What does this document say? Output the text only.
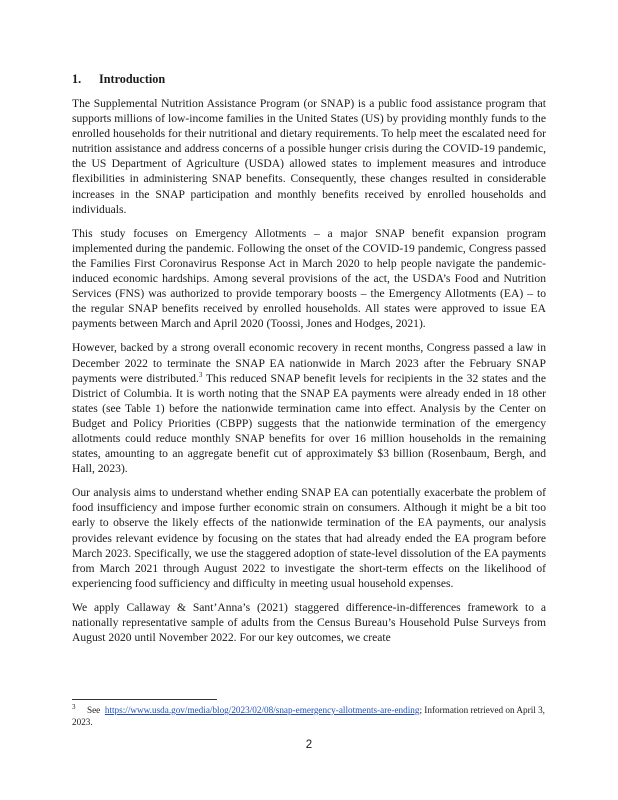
1. Introduction

The Supplemental Nutrition Assistance Program (or SNAP) is a public food assistance program that supports millions of low-income families in the United States (US) by providing monthly funds to the enrolled households for their nutritional and dietary requirements. To help meet the escalated need for nutrition assistance and address concerns of a possible hunger crisis during the COVID-19 pandemic, the US Department of Agriculture (USDA) allowed states to implement measures and introduce flexibilities in administering SNAP benefits. Consequently, these changes resulted in considerable increases in the SNAP participation and monthly benefits received by enrolled households and individuals.

This study focuses on Emergency Allotments – a major SNAP benefit expansion program implemented during the pandemic. Following the onset of the COVID-19 pandemic, Congress passed the Families First Coronavirus Response Act in March 2020 to help people navigate the pandemic-induced economic hardships. Among several provisions of the act, the USDA’s Food and Nutrition Services (FNS) was authorized to provide temporary boosts – the Emergency Allotments (EA) – to the regular SNAP benefits received by enrolled households. All states were approved to issue EA payments between March and April 2020 (Toossi, Jones and Hodges, 2021).

However, backed by a strong overall economic recovery in recent months, Congress passed a law in December 2022 to terminate the SNAP EA nationwide in March 2023 after the February SNAP payments were distributed.$^3$ This reduced SNAP benefit levels for recipients in the 32 states and the District of Columbia. It is worth noting that the SNAP EA payments were already ended in 18 other states (see Table 1) before the nationwide termination came into effect. Analysis by the Center on Budget and Policy Priorities (CBPP) suggests that the nationwide termination of the emergency allotments could reduce monthly SNAP benefits for over 16 million households in the remaining states, amounting to an aggregate benefit cut of approximately $3 billion (Rosenbaum, Bergh, and Hall, 2023).

Our analysis aims to understand whether ending SNAP EA can potentially exacerbate the problem of food insufficiency and impose further economic strain on consumers. Although it might be a bit too early to observe the likely effects of the nationwide termination of the EA payments, our analysis provides relevant evidence by focusing on the states that had already ended the EA program before March 2023. Specifically, we use the staggered adoption of state-level dissolution of the EA payments from March 2021 through August 2022 to investigate the short-term effects on the likelihood of experiencing food sufficiency and difficulty in meeting usual household expenses.

We apply Callaway & Sant’Anna’s (2021) staggered difference-in-differences framework to a nationally representative sample of adults from the Census Bureau’s Household Pulse Surveys from August 2020 until November 2022. For our key outcomes, we create

$^3$ See https://www.usda.gov/media/blog/2023/02/08/snap-emergency-allotments-are-ending; Information retrieved on April 3, 2023.
2
